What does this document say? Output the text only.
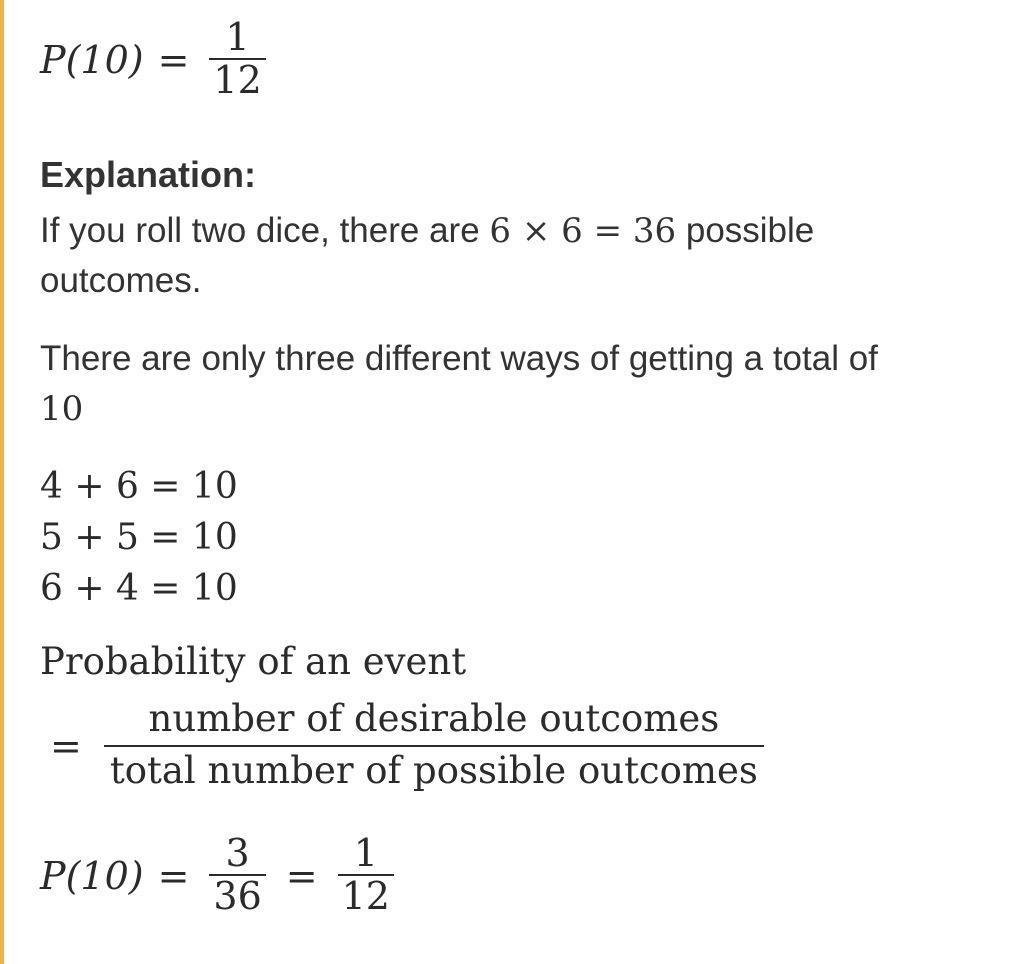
$P(10) = \frac{1}{12}$
Explanation:
If you roll two dice, there are 6 × 6 = 36 possible
outcomes.
There are only three different ways of getting a total of
10
4 + 6 = 10
5 + 5 = 10
6 + 4 = 10
Probability of an event
= $\frac{\text{number of desirable outcomes}}{\text{total number of possible outcomes}}$
$P(10) = \frac{3}{36} = \frac{1}{12}$
